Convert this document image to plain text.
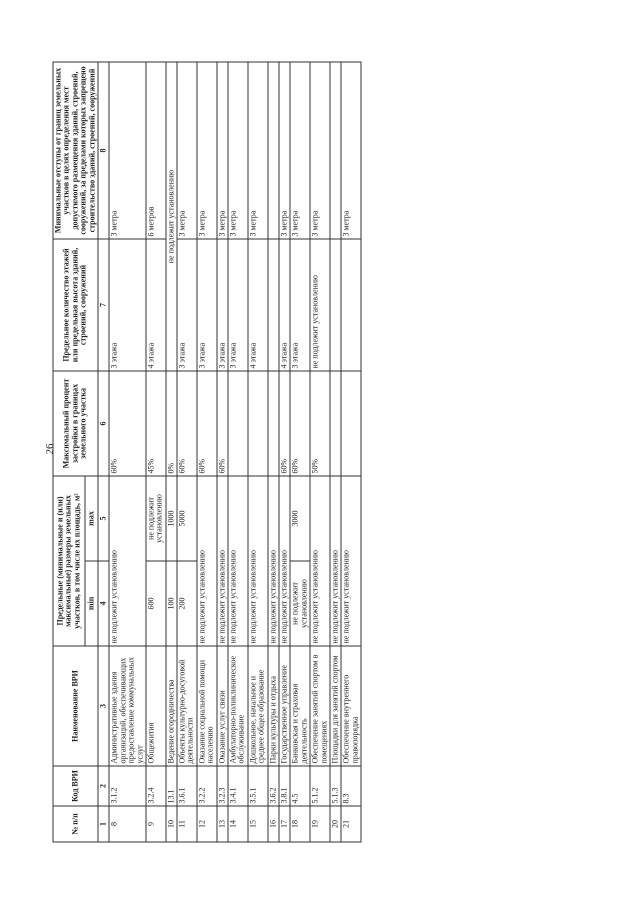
26
№ п/п	Код ВРИ	Наименование ВРИ	Предельные (минимальные и (или) максимальные) размеры земельных участков, в том числе их площадь, м²		Максимальный процент застройки в границах земельного участка	Предельное количество этажей или предельная высота зданий, строений, сооружений	Минимальные отступы от границ земельных участков в целях определения мест допустимого размещения зданий, строений, сооружений, за пределами которых запрещено строительство зданий, строений, сооружений
			min	max			
1	2	3	4	5	6	7	8
8	3.1.2	Административные здания организаций, обеспечивающих предоставление коммунальных услуг	не подлежит установлению		60%	3 этажа	3 метра
9	3.2.4	Общежития	600	не подлежит установлению	45%	4 этажа	6 метров
10	13.1	Ведение огородничества	100	1000	0%	не подлежит установлению	
11	3.6.1	Объекты культурно-досуговой деятельности	200	5000	60%	3 этажа	3 метра
12	3.2.2	Оказание социальной помощи населению	не подлежит установлению		60%	3 этажа	3 метра
13	3.2.3	Оказание услуг связи	не подлежит установлению		60%	3 этажа	3 метра
14	3.4.1	Амбулаторно-поликлиническое обслуживание	не подлежит установлению			3 этажа	3 метра
15	3.5.1	Дошкольное, начальное и среднее общее образование	не подлежит установлению			4 этажа	3 метра
16	3.6.2	Парки культуры и отдыха	не подлежит установлению				
17	3.8.1	Государственное управление	не подлежит установлению		60%	4 этажа	3 метра
18	4.5	Банковская и страховая деятельность	не подлежит установлению	3000	60%	3 этажа	3 метра
19	5.1.2	Обеспечение занятий спортом в помещениях	не подлежит установлению		50%	не подлежит установлению	3 метра
20	5.1.3	Площадки для занятий спортом	не подлежит установлению				
21	8.3	Обеспечение внутреннего правопорядка	не подлежит установлению				3 метра
